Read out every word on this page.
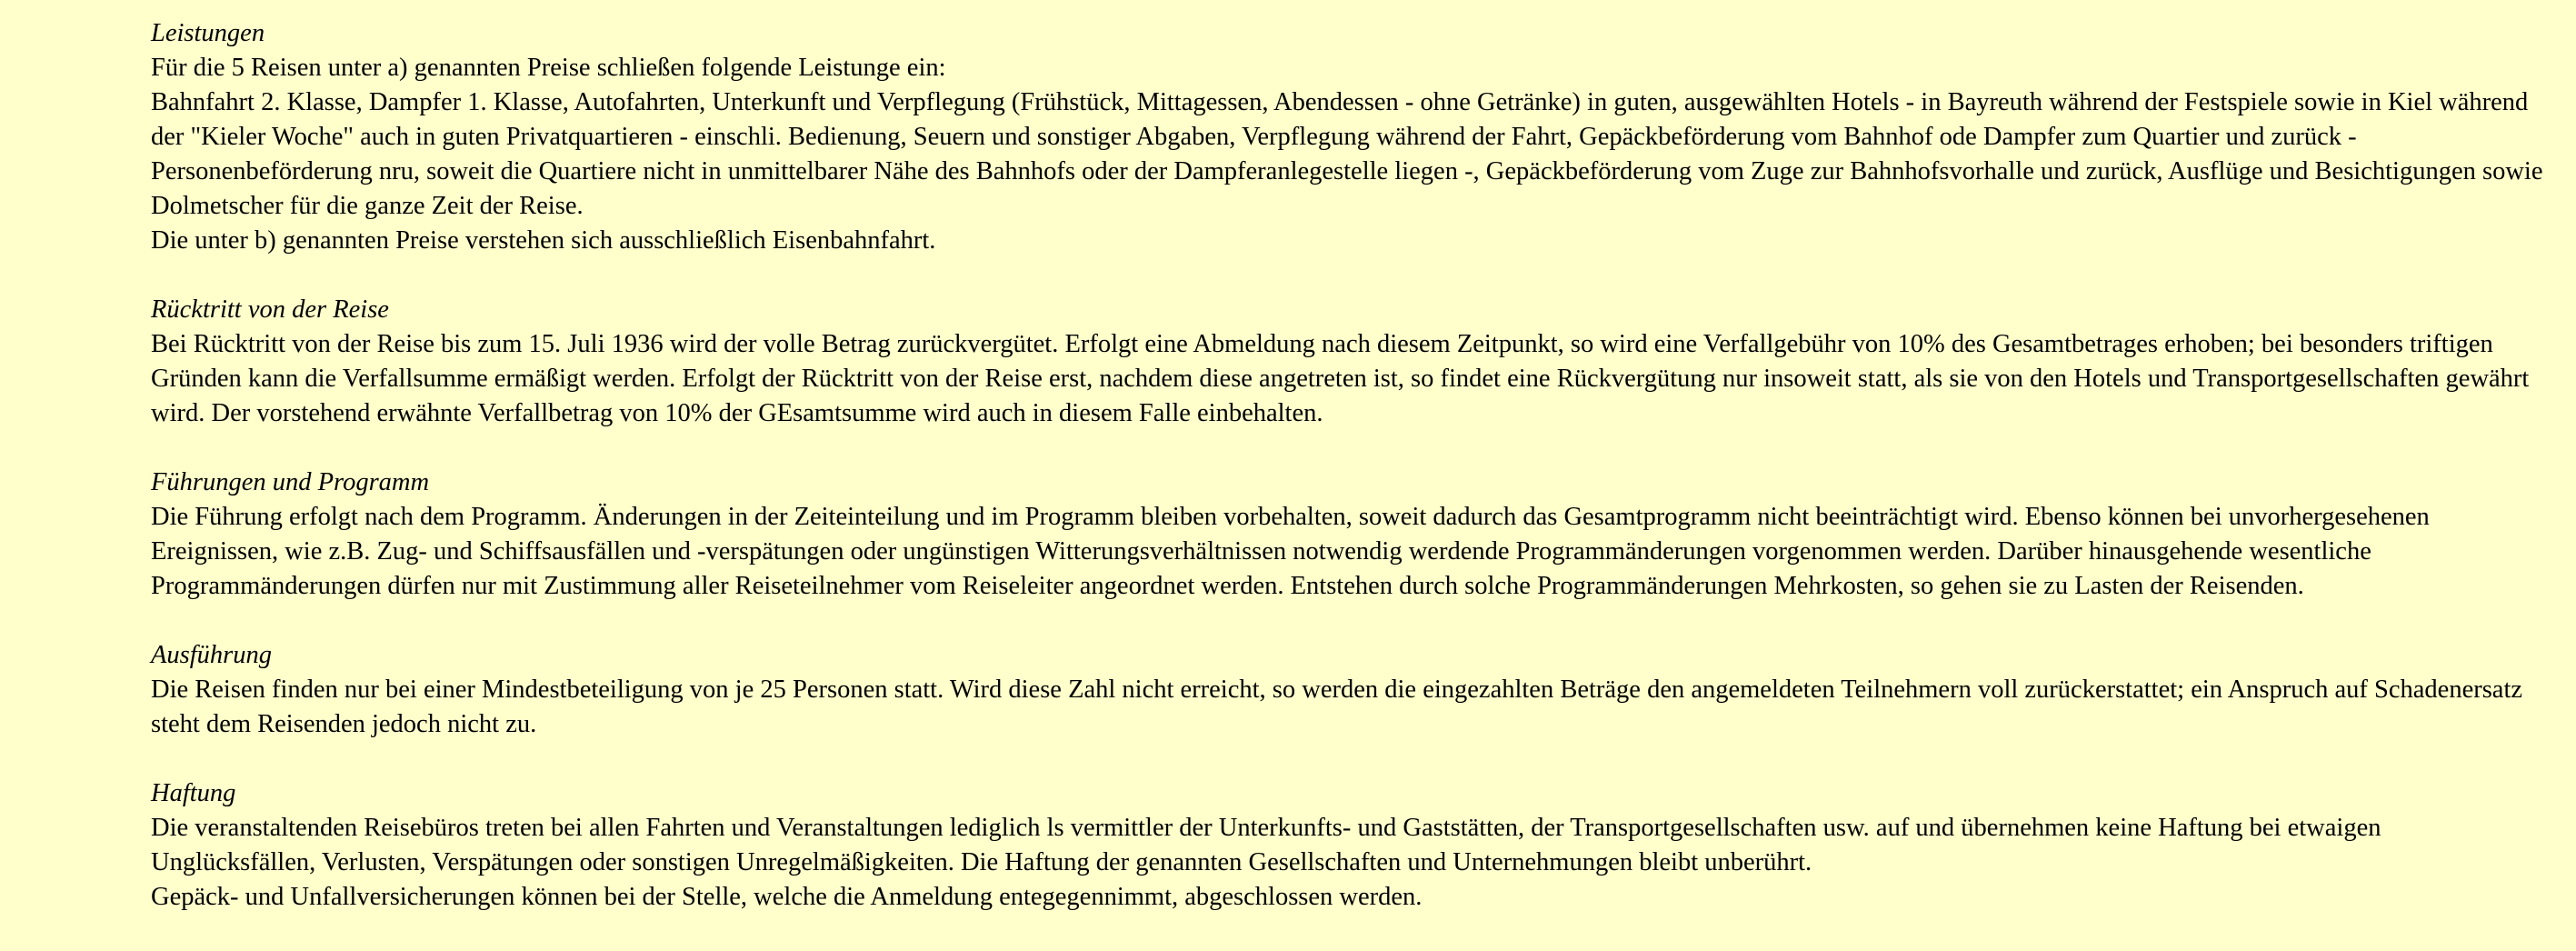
Leistungen
Für die 5 Reisen unter a) genannten Preise schließen folgende Leistunge ein:
Bahnfahrt 2. Klasse, Dampfer 1. Klasse, Autofahrten, Unterkunft und Verpflegung (Frühstück, Mittagessen, Abendessen - ohne Getränke) in guten, ausgewählten Hotels - in Bayreuth während der Festspiele sowie in Kiel während der "Kieler Woche" auch in guten Privatquartieren - einschli. Bedienung, Seuern und sonstiger Abgaben, Verpflegung während der Fahrt, Gepäckbeförderung vom Bahnhof ode Dampfer zum Quartier und zurück - Personenbeförderung nru, soweit die Quartiere nicht in unmittelbarer Nähe des Bahnhofs oder der Dampferanlegestelle liegen -, Gepäckbeförderung vom Zuge zur Bahnhofsvorhalle und zurück, Ausflüge und Besichtigungen sowie Dolmetscher für die ganze Zeit der Reise.
Die unter b) genannten Preise verstehen sich ausschließlich Eisenbahnfahrt.
Rücktritt von der Reise
Bei Rücktritt von der Reise bis zum 15. Juli 1936 wird der volle Betrag zurückvergütet. Erfolgt eine Abmeldung nach diesem Zeitpunkt, so wird eine Verfallgebühr von 10% des Gesamtbetrages erhoben; bei besonders triftigen Gründen kann die Verfallsumme ermäßigt werden. Erfolgt der Rücktritt von der Reise erst, nachdem diese angetreten ist, so findet eine Rückvergütung nur insoweit statt, als sie von den Hotels und Transportgesellschaften gewährt wird. Der vorstehend erwähnte Verfallbetrag von 10% der GEsamtsumme wird auch in diesem Falle einbehalten.
Führungen und Programm
Die Führung erfolgt nach dem Programm. Änderungen in der Zeiteinteilung und im Programm bleiben vorbehalten, soweit dadurch das Gesamtprogramm nicht beeinträchtigt wird. Ebenso können bei unvorhergesehenen Ereignissen, wie z.B. Zug- und Schiffsausfällen und -verspätungen oder ungünstigen Witterungsverhältnissen notwendig werdende Programmänderungen vorgenommen werden. Darüber hinausgehende wesentliche Programmänderungen dürfen nur mit Zustimmung aller Reiseteilnehmer vom Reiseleiter angeordnet werden. Entstehen durch solche Programmänderungen Mehrkosten, so gehen sie zu Lasten der Reisenden.
Ausführung
Die Reisen finden nur bei einer Mindestbeteiligung von je 25 Personen statt. Wird diese Zahl nicht erreicht, so werden die eingezahlten Beträge den angemeldeten Teilnehmern voll zurückerstattet; ein Anspruch auf Schadenersatz steht dem Reisenden jedoch nicht zu.
Haftung
Die veranstaltenden Reisebüros treten bei allen Fahrten und Veranstaltungen lediglich ls vermittler der Unterkunfts- und Gaststätten, der Transportgesellschaften usw. auf und übernehmen keine Haftung bei etwaigen Unglücksfällen, Verlusten, Verspätungen oder sonstigen Unregelmäßigkeiten. Die Haftung der genannten Gesellschaften und Unternehmungen bleibt unberührt.
Gepäck- und Unfallversicherungen können bei der Stelle, welche die Anmeldung entegegennimmt, abgeschlossen werden.
